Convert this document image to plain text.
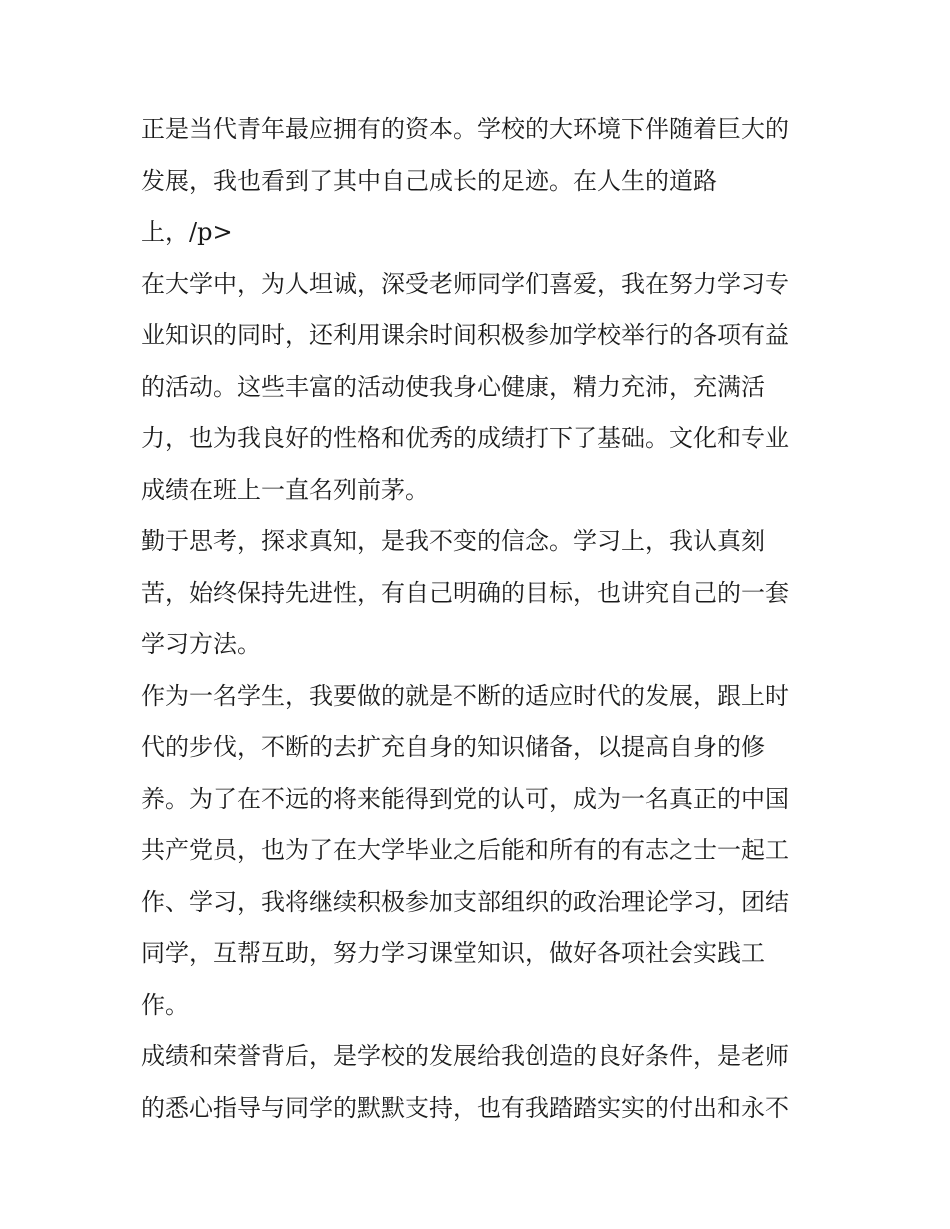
正是当代青年最应拥有的资本。学校的大环境下伴随着巨大的
发展，我也看到了其中自己成长的足迹。在人生的道路
上，/p>
在大学中，为人坦诚，深受老师同学们喜爱，我在努力学习专
业知识的同时，还利用课余时间积极参加学校举行的各项有益
的活动。这些丰富的活动使我身心健康，精力充沛，充满活
力，也为我良好的性格和优秀的成绩打下了基础。文化和专业
成绩在班上一直名列前茅。
勤于思考，探求真知，是我不变的信念。学习上，我认真刻
苦，始终保持先进性，有自己明确的目标，也讲究自己的一套
学习方法。
作为一名学生，我要做的就是不断的适应时代的发展，跟上时
代的步伐，不断的去扩充自身的知识储备，以提高自身的修
养。为了在不远的将来能得到党的认可，成为一名真正的中国
共产党员，也为了在大学毕业之后能和所有的有志之士一起工
作、学习，我将继续积极参加支部组织的政治理论学习，团结
同学，互帮互助，努力学习课堂知识，做好各项社会实践工
作。
成绩和荣誉背后，是学校的发展给我创造的良好条件，是老师
的悉心指导与同学的默默支持，也有我踏踏实实的付出和永不
